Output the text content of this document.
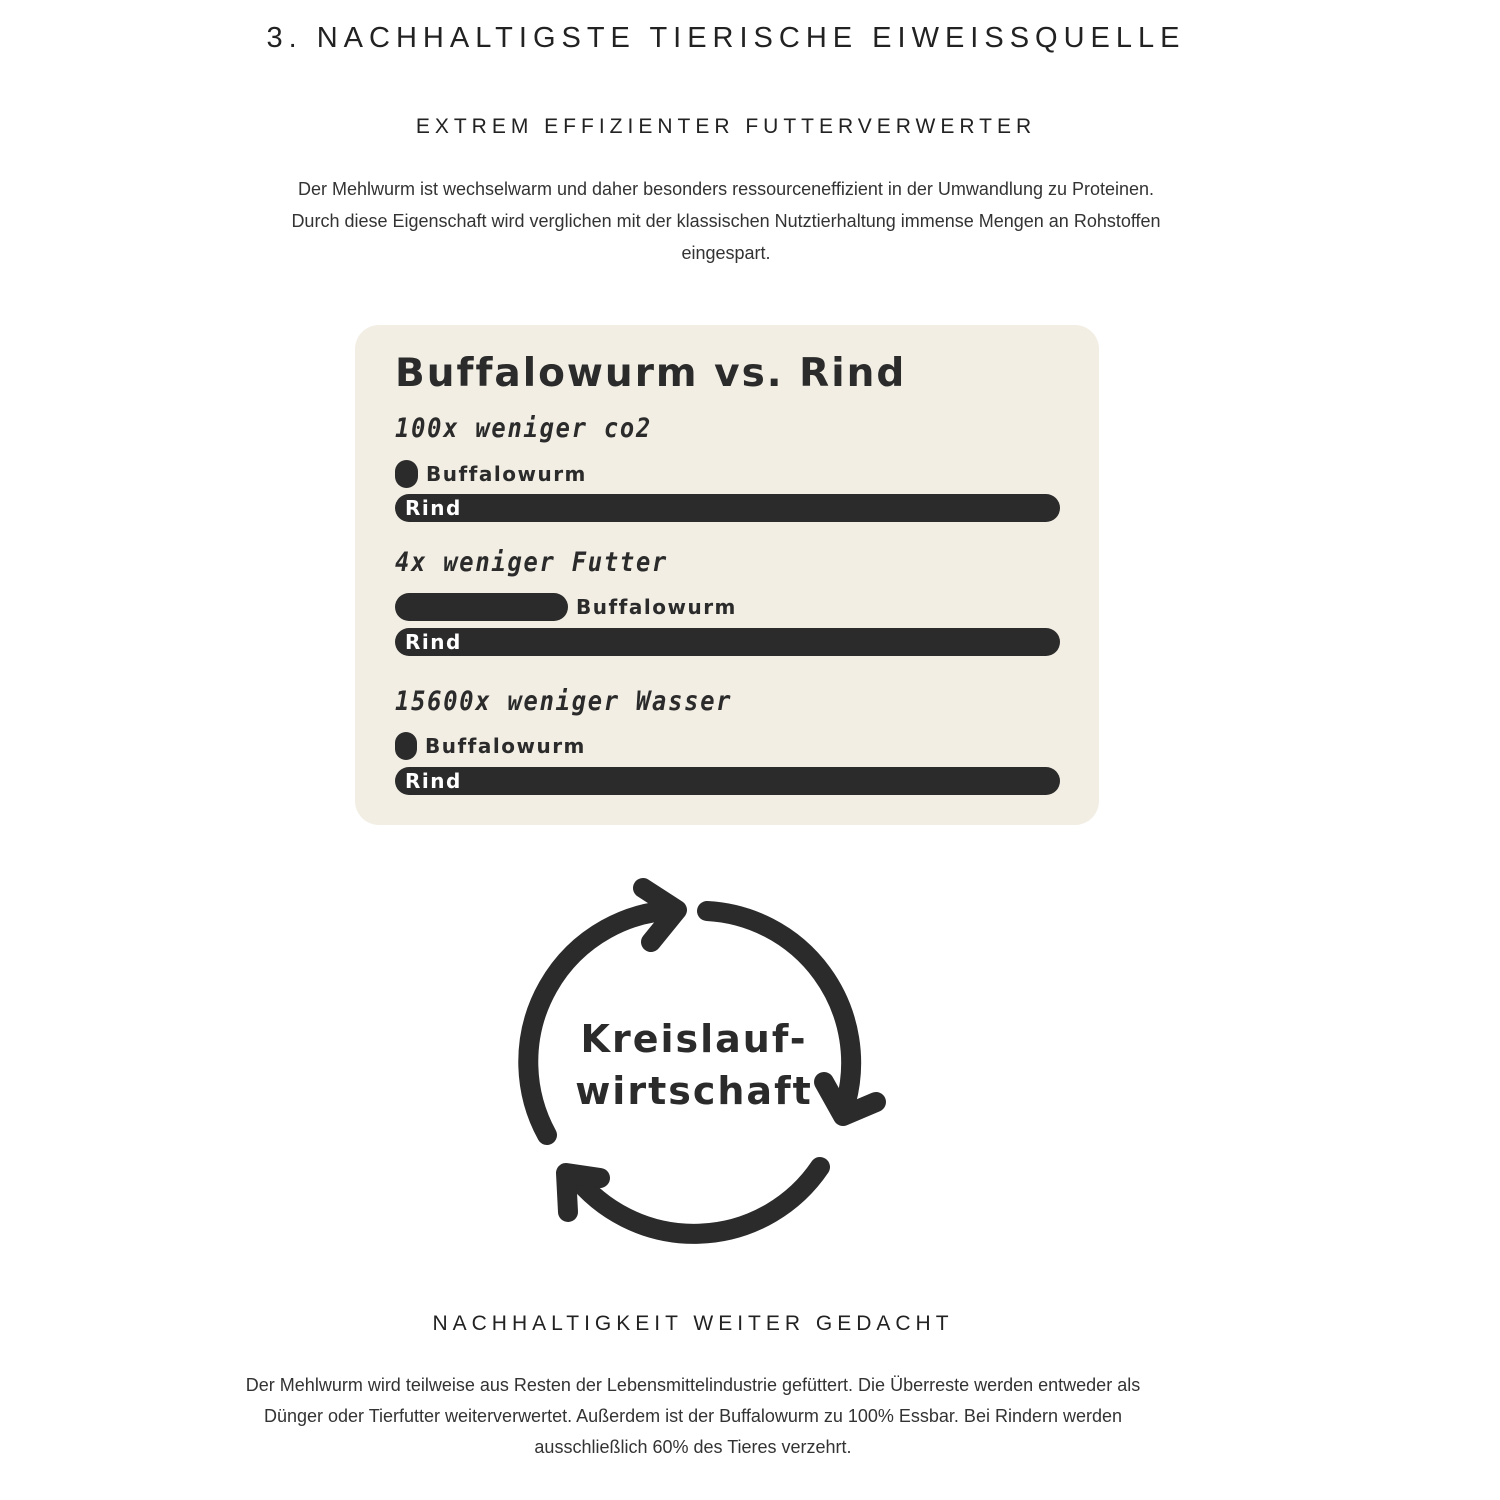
3. NACHHALTIGSTE TIERISCHE EIWEISSQUELLE
EXTREM EFFIZIENTER FUTTERVERWERTER

Der Mehlwurm ist wechselwarm und daher besonders ressourceneffizient in der Umwandlung zu Proteinen. Durch diese Eigenschaft wird verglichen mit der klassischen Nutztierhaltung immense Mengen an Rohstoffen eingespart.

Buffalowurm vs. Rind
100x weniger co2
Buffalowurm
Rind
4x weniger Futter
Buffalowurm
Rind
15600x weniger Wasser
Buffalowurm
Rind
Kreislauf-
wirtschaft
NACHHALTIGKEIT WEITER GEDACHT

Der Mehlwurm wird teilweise aus Resten der Lebensmittelindustrie gefüttert. Die Überreste werden entweder als Dünger oder Tierfutter weiterverwertet. Außerdem ist der Buffalowurm zu 100% Essbar. Bei Rindern werden ausschließlich 60% des Tieres verzehrt.
